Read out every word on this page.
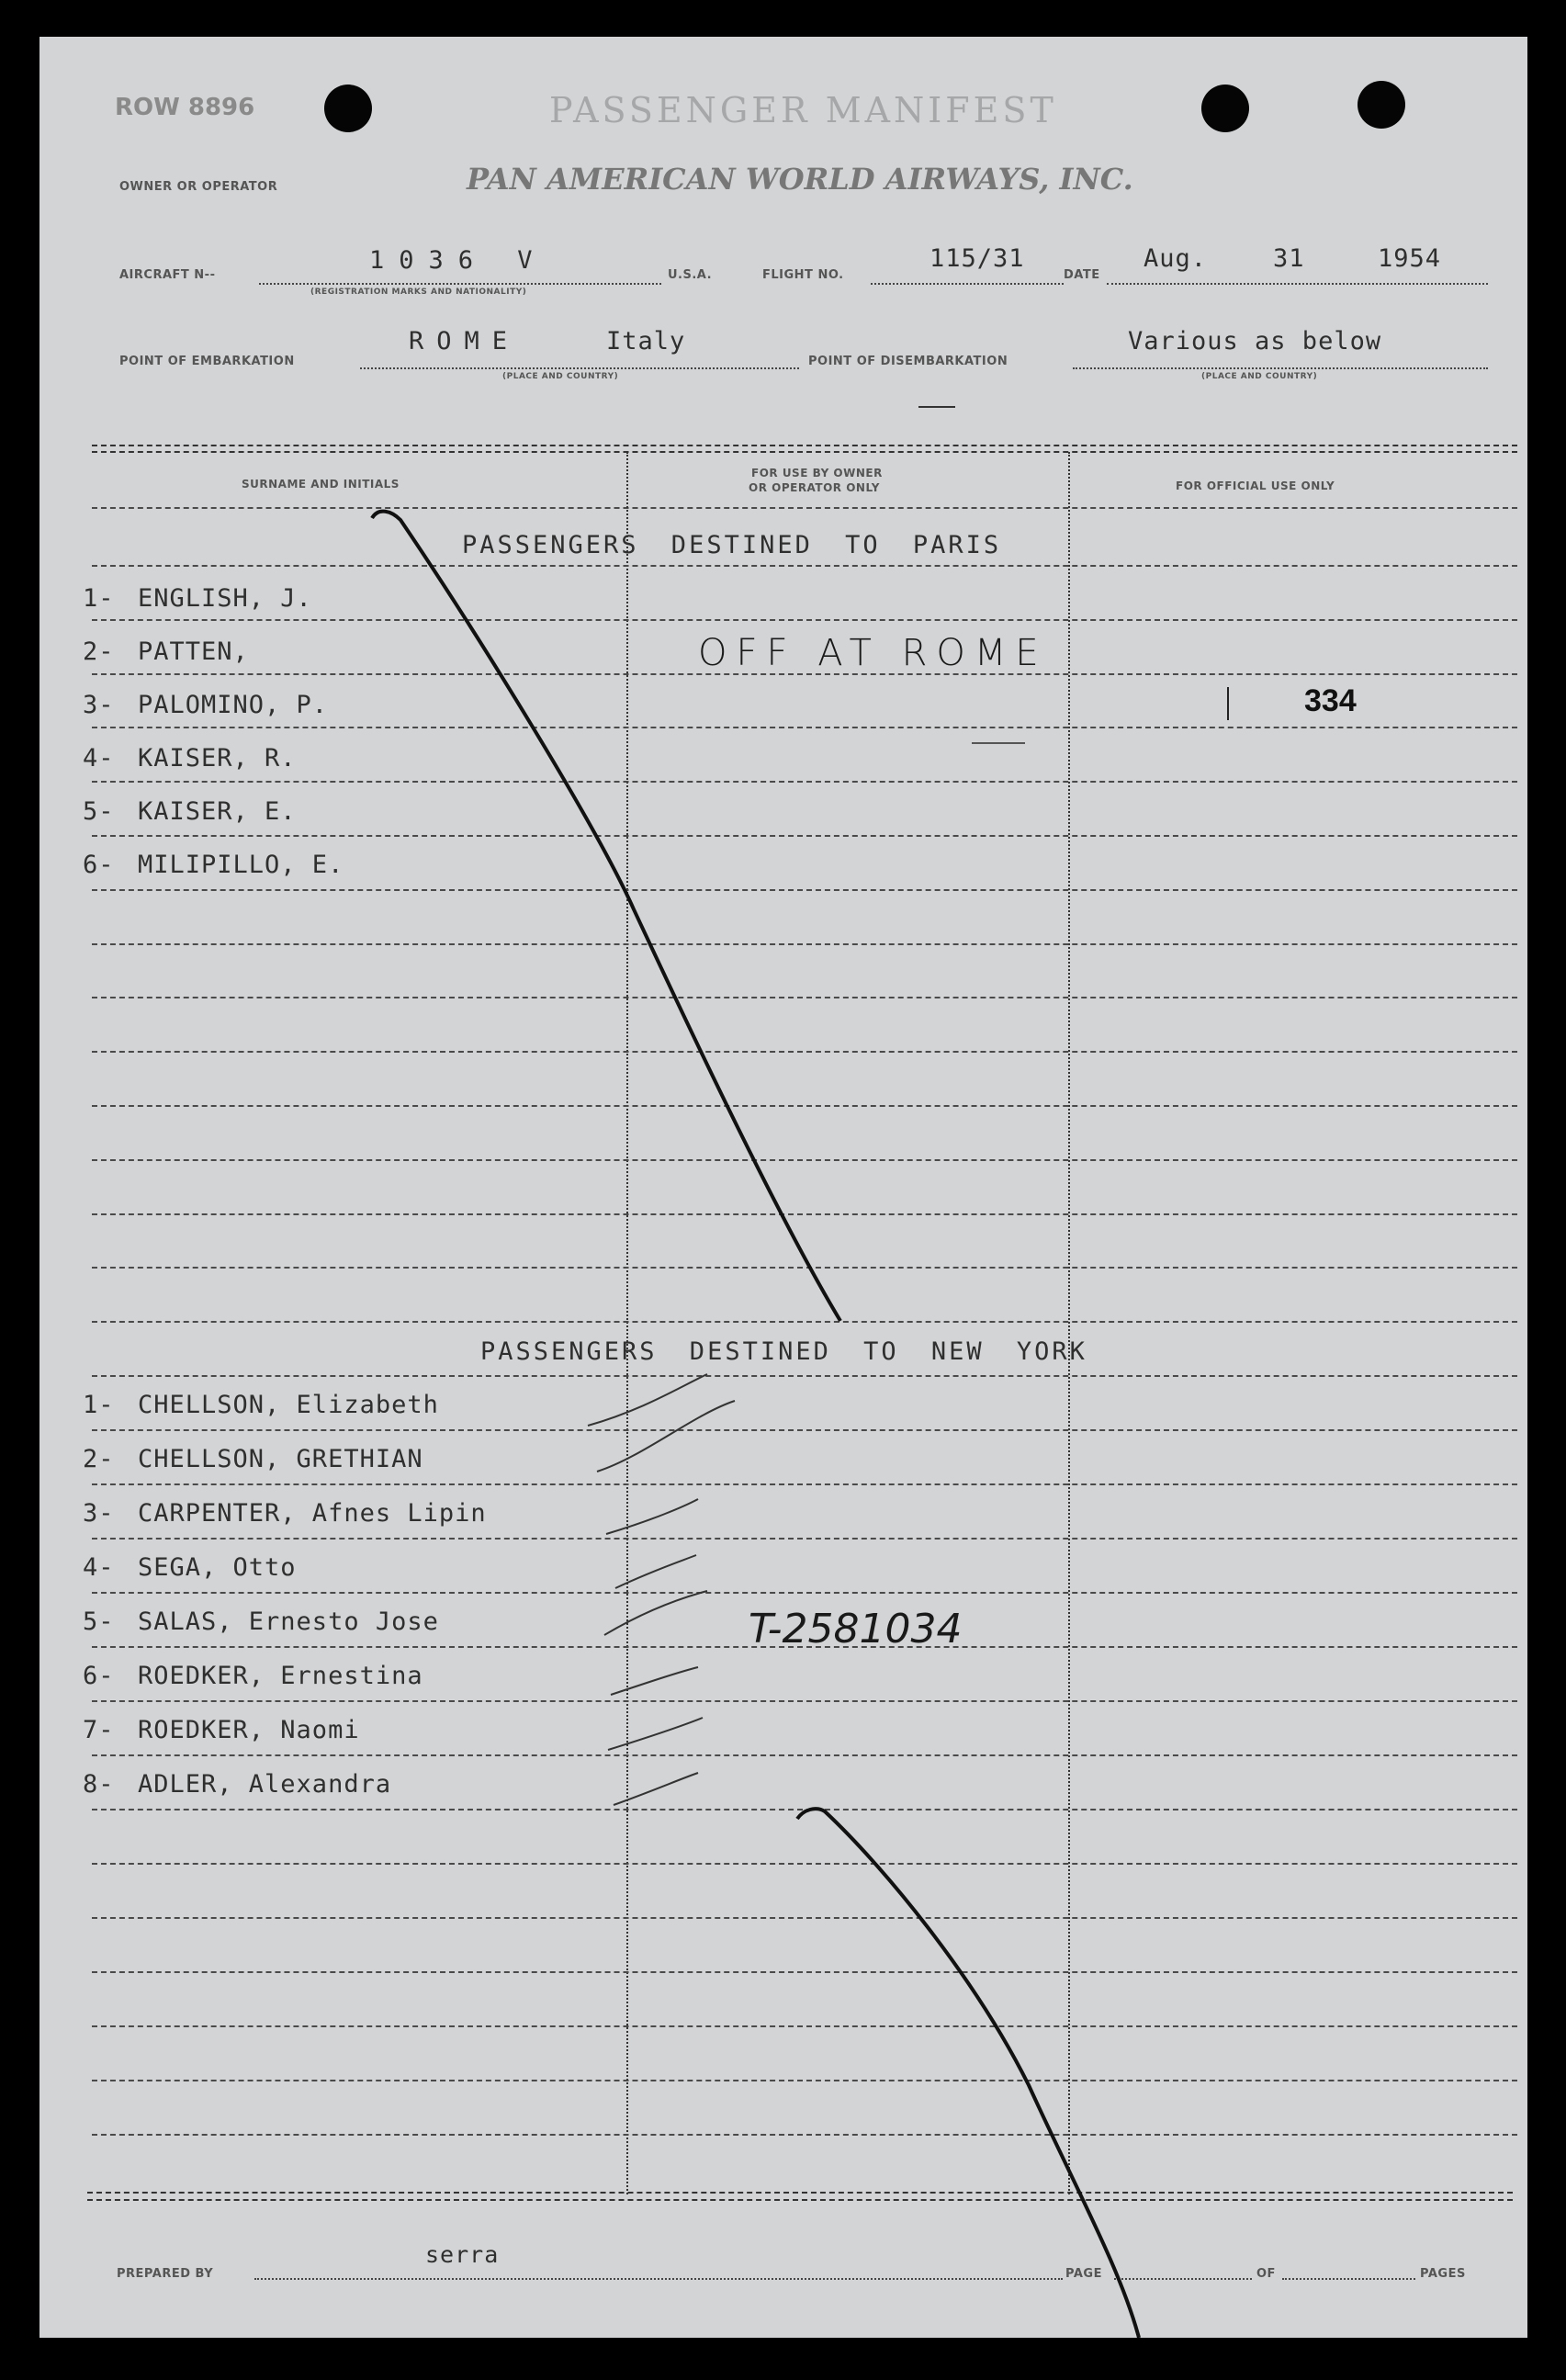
ROW 8896	PASSENGER MANIFEST
OWNER OR OPERATOR	PAN AMERICAN WORLD AIRWAYS, INC.
AIRCRAFT N--
1036 V
(REGISTRATION MARKS AND NATIONALITY)
U.S.A.	FLIGHT NO.
115/31
DATE
Aug.	31	1954
POINT OF EMBARKATION
ROME	Italy
(PLACE AND COUNTRY)
POINT OF DISEMBARKATION
Various as below
(PLACE AND COUNTRY)
SURNAME AND INITIALS
FOR USE BY OWNER
OR OPERATOR ONLY	FOR OFFICIAL USE ONLY
PASSENGERS DESTINED TO PARIS
1- ENGLISH, J.
2- PATTEN,
3- PALOMINO, P.
4- KAISER, R.
5- KAISER, E.
6- MILIPILLO, E.
OFF AT ROME
334
PASSENGERS DESTINED TO NEW YORK
1- CHELLSON, Elizabeth
2- CHELLSON, GRETHIAN
3- CARPENTER, Afnes Lipin
4- SEGA, Otto
5- SALAS, Ernesto Jose
6- ROEDKER, Ernestina
7- ROEDKER, Naomi
8- ADLER, Alexandra
T-2581034
PREPARED BY
serra
PAGE	OF	PAGES
